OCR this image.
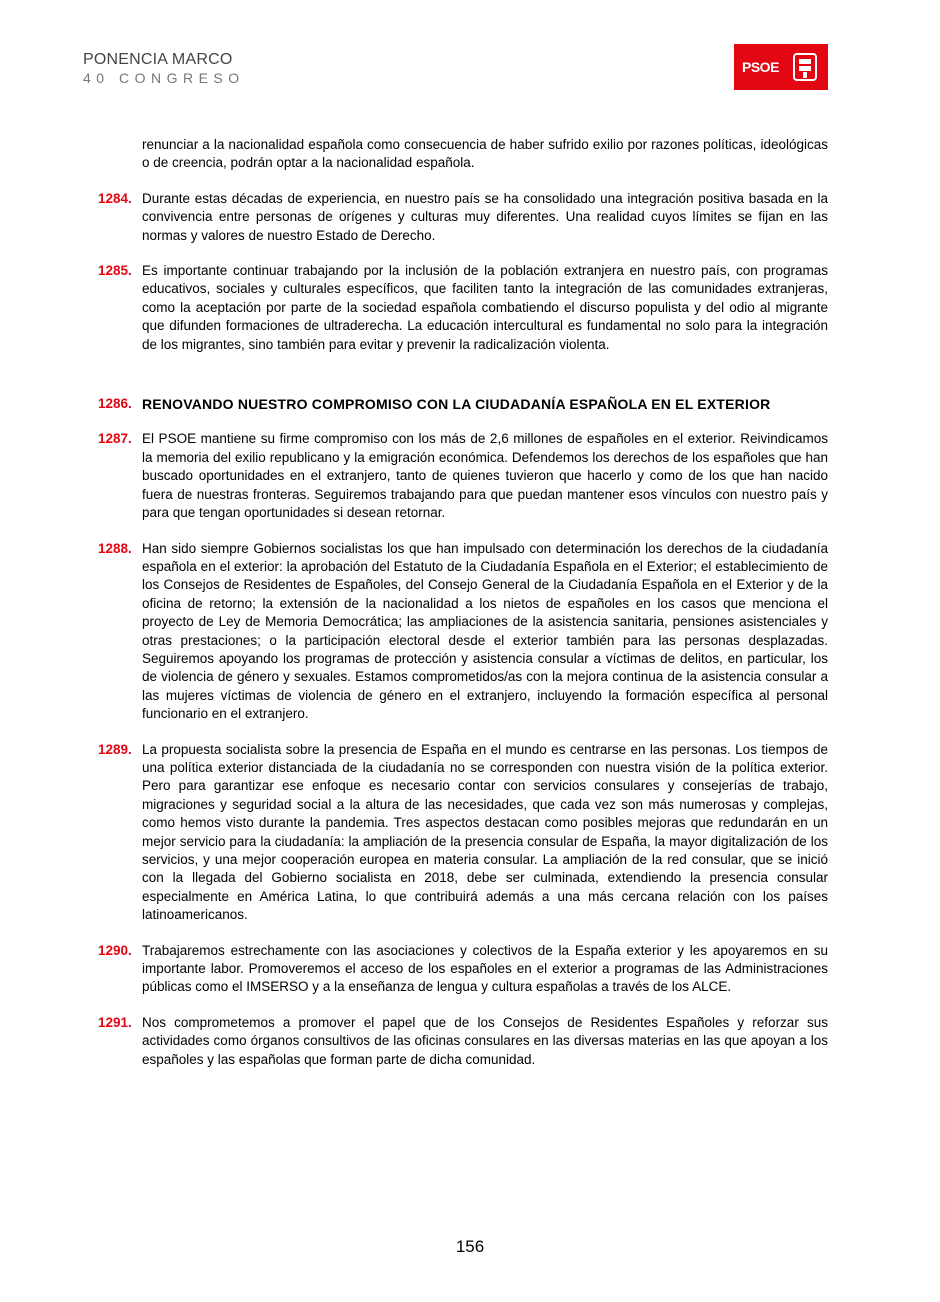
PONENCIA MARCO
40 CONGRESO
PSOE
renunciar a la nacionalidad española como consecuencia de haber sufrido exilio por razones políticas, ideológicas o de creencia, podrán optar a la nacionalidad española.
1284. Durante estas décadas de experiencia, en nuestro país se ha consolidado una integración positiva basada en la convivencia entre personas de orígenes y culturas muy diferentes. Una realidad cuyos límites se fijan en las normas y valores de nuestro Estado de Derecho.
1285. Es importante continuar trabajando por la inclusión de la población extranjera en nuestro país, con programas educativos, sociales y culturales específicos, que faciliten tanto la integración de las comunidades extranjeras, como la aceptación por parte de la sociedad española combatiendo el discurso populista y del odio al migrante que difunden formaciones de ultraderecha. La educación intercultural es fundamental no solo para la integración de los migrantes, sino también para evitar y prevenir la radicalización violenta.
1286. RENOVANDO NUESTRO COMPROMISO CON LA CIUDADANÍA ESPAÑOLA EN EL EXTERIOR
1287. El PSOE mantiene su firme compromiso con los más de 2,6 millones de españoles en el exterior. Reivindicamos la memoria del exilio republicano y la emigración económica. Defendemos los derechos de los españoles que han buscado oportunidades en el extranjero, tanto de quienes tuvieron que hacerlo y como de los que han nacido fuera de nuestras fronteras. Seguiremos trabajando para que puedan mantener esos vínculos con nuestro país y para que tengan oportunidades si desean retornar.
1288. Han sido siempre Gobiernos socialistas los que han impulsado con determinación los derechos de la ciudadanía española en el exterior: la aprobación del Estatuto de la Ciudadanía Española en el Exterior; el establecimiento de los Consejos de Residentes de Españoles, del Consejo General de la Ciudadanía Española en el Exterior y de la oficina de retorno; la extensión de la nacionalidad a los nietos de españoles en los casos que menciona el proyecto de Ley de Memoria Democrática; las ampliaciones de la asistencia sanitaria, pensiones asistenciales y otras prestaciones; o la participación electoral desde el exterior también para las personas desplazadas. Seguiremos apoyando los programas de protección y asistencia consular a víctimas de delitos, en particular, los de violencia de género y sexuales. Estamos comprometidos/as con la mejora continua de la asistencia consular a las mujeres víctimas de violencia de género en el extranjero, incluyendo la formación específica al personal funcionario en el extranjero.
1289. La propuesta socialista sobre la presencia de España en el mundo es centrarse en las personas. Los tiempos de una política exterior distanciada de la ciudadanía no se corresponden con nuestra visión de la política exterior. Pero para garantizar ese enfoque es necesario contar con servicios consulares y consejerías de trabajo, migraciones y seguridad social a la altura de las necesidades, que cada vez son más numerosas y complejas, como hemos visto durante la pandemia. Tres aspectos destacan como posibles mejoras que redundarán en un mejor servicio para la ciudadanía: la ampliación de la presencia consular de España, la mayor digitalización de los servicios, y una mejor cooperación europea en materia consular. La ampliación de la red consular, que se inició con la llegada del Gobierno socialista en 2018, debe ser culminada, extendiendo la presencia consular especialmente en América Latina, lo que contribuirá además a una más cercana relación con los países latinoamericanos.
1290. Trabajaremos estrechamente con las asociaciones y colectivos de la España exterior y les apoyaremos en su importante labor. Promoveremos el acceso de los españoles en el exterior a programas de las Administraciones públicas como el IMSERSO y a la enseñanza de lengua y cultura españolas a través de los ALCE.
1291. Nos comprometemos a promover el papel que de los Consejos de Residentes Españoles y reforzar sus actividades como órganos consultivos de las oficinas consulares en las diversas materias en las que apoyan a los españoles y las españolas que forman parte de dicha comunidad.
156
